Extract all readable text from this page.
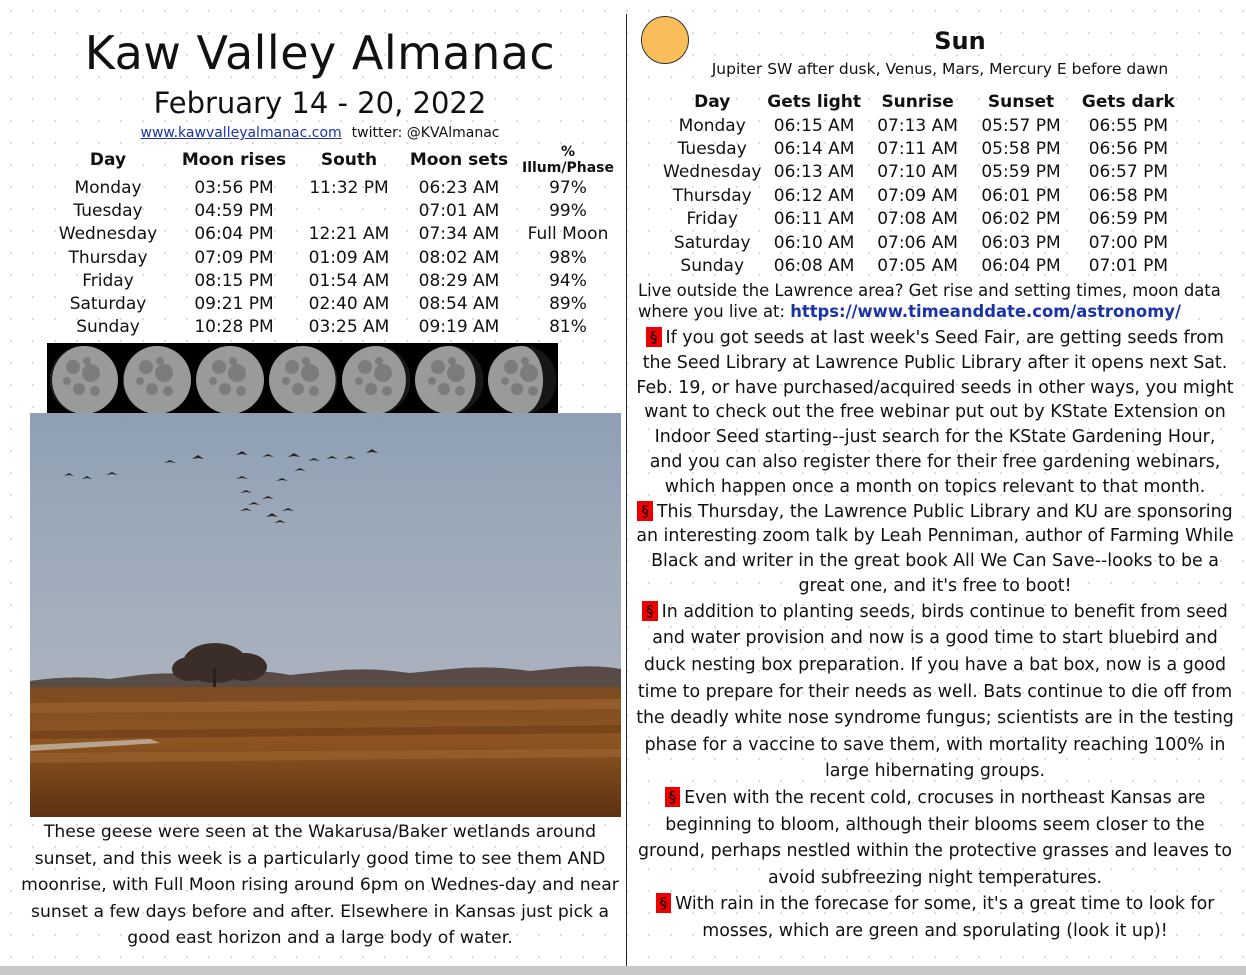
Kaw Valley Almanac
February 14 - 20, 2022
www.kawvalleyalmanac.com twitter: @KVAlmanac
Day	Moon rises	South	Moon sets	% Illum/Phase
Monday	03:56 PM	11:32 PM	06:23 AM	97%
Tuesday	04:59 PM		07:01 AM	99%
Wednesday	06:04 PM	12:21 AM	07:34 AM	Full Moon
Thursday	07:09 PM	01:09 AM	08:02 AM	98%
Friday	08:15 PM	01:54 AM	08:29 AM	94%
Saturday	09:21 PM	02:40 AM	08:54 AM	89%
Sunday	10:28 PM	03:25 AM	09:19 AM	81%
These geese were seen at the Wakarusa/Baker wetlands around sunset, and this week is a particularly good time to see them AND moonrise, with Full Moon rising around 6pm on Wednes-day and near sunset a few days before and after. Elsewhere in Kansas just pick a good east horizon and a large body of water.
Sun
Jupiter SW after dusk, Venus, Mars, Mercury E before dawn
Day	Gets light	Sunrise	Sunset	Gets dark
Monday	06:15 AM	07:13 AM	05:57 PM	06:55 PM
Tuesday	06:14 AM	07:11 AM	05:58 PM	06:56 PM
Wednesday	06:13 AM	07:10 AM	05:59 PM	06:57 PM
Thursday	06:12 AM	07:09 AM	06:01 PM	06:58 PM
Friday	06:11 AM	07:08 AM	06:02 PM	06:59 PM
Saturday	06:10 AM	07:06 AM	06:03 PM	07:00 PM
Sunday	06:08 AM	07:05 AM	06:04 PM	07:01 PM
Live outside the Lawrence area? Get rise and setting times, moon data where you live at: https://www.timeanddate.com/astronomy/

§ If you got seeds at last week's Seed Fair, are getting seeds from the Seed Library at Lawrence Public Library after it opens next Sat. Feb. 19, or have purchased/acquired seeds in other ways, you might want to check out the free webinar put out by KState Extension on Indoor Seed starting--just search for the KState Gardening Hour, and you can also register there for their free gardening webinars, which happen once a month on topics relevant to that month.

§ This Thursday, the Lawrence Public Library and KU are sponsoring an interesting zoom talk by Leah Penniman, author of Farming While Black and writer in the great book All We Can Save--looks to be a great one, and it's free to boot!

§ In addition to planting seeds, birds continue to benefit from seed and water provision and now is a good time to start bluebird and duck nesting box preparation. If you have a bat box, now is a good time to prepare for their needs as well. Bats continue to die off from the deadly white nose syndrome fungus; scientists are in the testing phase for a vaccine to save them, with mortality reaching 100% in large hibernating groups.

§ Even with the recent cold, crocuses in northeast Kansas are beginning to bloom, although their blooms seem closer to the ground, perhaps nestled within the protective grasses and leaves to avoid subfreezing night temperatures.

§ With rain in the forecase for some, it's a great time to look for mosses, which are green and sporulating (look it up)!
